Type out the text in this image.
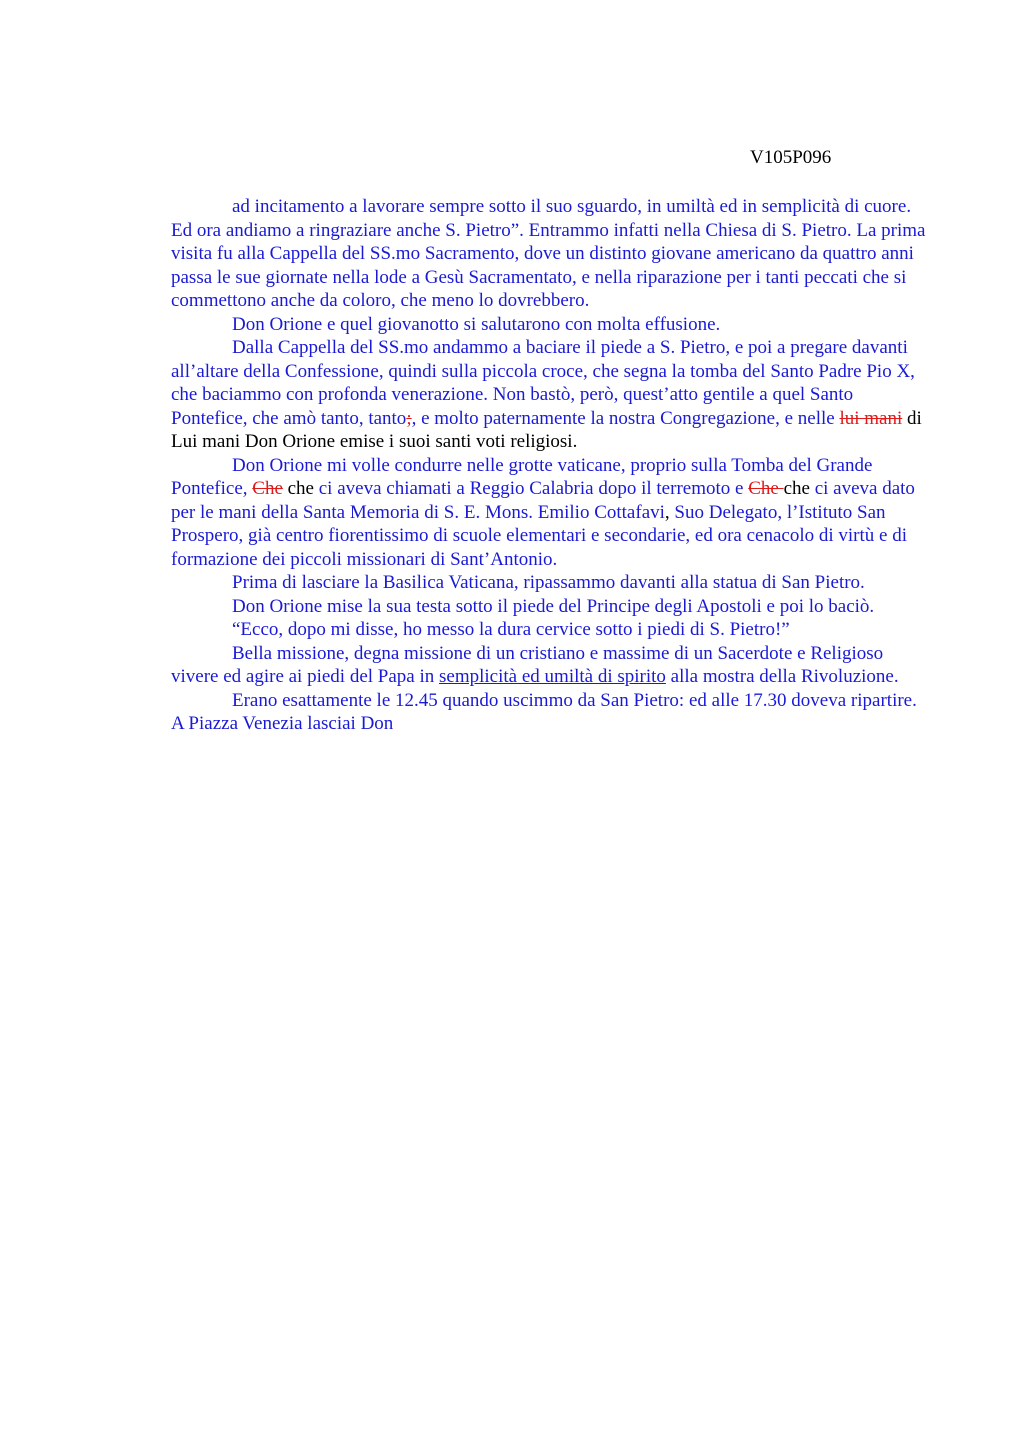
V105P096

ad incitamento a lavorare sempre sotto il suo sguardo, in umiltà ed in semplicità di cuore. Ed ora andiamo a ringraziare anche S. Pietro”. Entrammo infatti nella Chiesa di S. Pietro. La prima visita fu alla Cappella del SS.mo Sacramento, dove un distinto giovane americano da quattro anni passa le sue giornate nella lode a Gesù Sacramentato, e nella riparazione per i tanti peccati che si commettono anche da coloro, che meno lo dovrebbero.

Don Orione e quel giovanotto si salutarono con molta effusione.

Dalla Cappella del SS.mo andammo a baciare il piede a S. Pietro, e poi a pregare davanti all’altare della Confessione, quindi sulla piccola croce, che segna la tomba del Santo Padre Pio X, che baciammo con profonda venerazione. Non bastò, però, quest’atto gentile a quel Santo Pontefice, che amò tanto, tanto;, e molto paternamente la nostra Congregazione, e nelle lui mani di Lui mani Don Orione emise i suoi santi voti religiosi.

Don Orione mi volle condurre nelle grotte vaticane, proprio sulla Tomba del Grande Pontefice, Che che ci aveva chiamati a Reggio Calabria dopo il terremoto e Che che ci aveva dato per le mani della Santa Memoria di S. E. Mons. Emilio Cottafavi, Suo Delegato, l’Istituto San Prospero, già centro fiorentissimo di scuole elementari e secondarie, ed ora cenacolo di virtù e di formazione dei piccoli missionari di Sant’Antonio.

Prima di lasciare la Basilica Vaticana, ripassammo davanti alla statua di San Pietro.

Don Orione mise la sua testa sotto il piede del Principe degli Apostoli e poi lo baciò.

“Ecco, dopo mi disse, ho messo la dura cervice sotto i piedi di S. Pietro!”

Bella missione, degna missione di un cristiano e massime di un Sacerdote e Religioso vivere ed agire ai piedi del Papa in semplicità ed umiltà di spirito alla mostra della Rivoluzione.

Erano esattamente le 12.45 quando uscimmo da San Pietro: ed alle 17.30 doveva ripartire. A Piazza Venezia lasciai Don
